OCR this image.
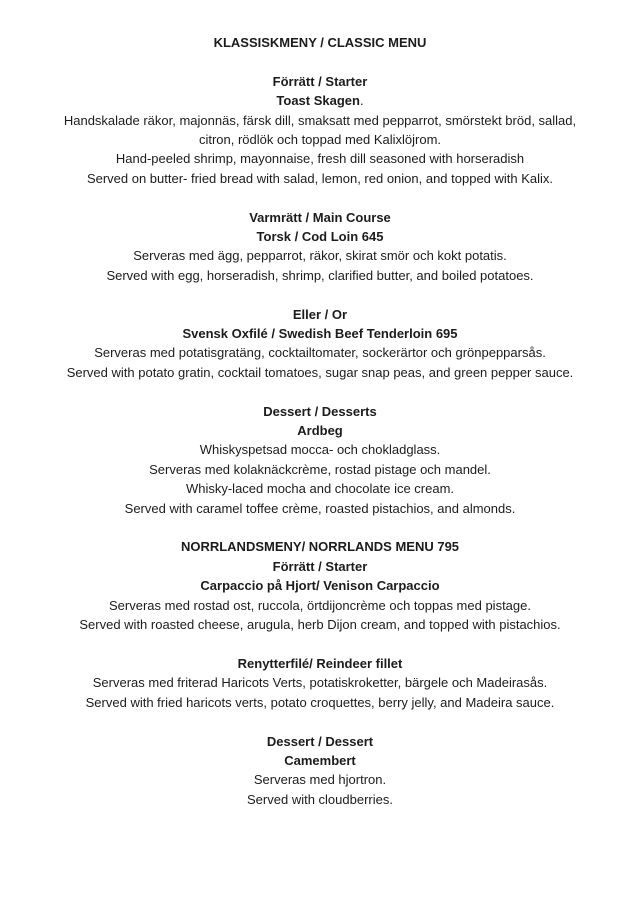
KLASSISKMENY / CLASSIC MENU
Förrätt / Starter
Toast Skagen.
Handskalade räkor, majonnäs, färsk dill, smaksatt med pepparrot, smörstekt bröd, sallad,
citron, rödlök och toppad med Kalixlöjrom.
Hand-peeled shrimp, mayonnaise, fresh dill seasoned with horseradish
Served on butter- fried bread with salad, lemon, red onion, and topped with Kalix.
Varmrätt / Main Course
Torsk / Cod Loin 645
Serveras med ägg, pepparrot, räkor, skirat smör och kokt potatis.
Served with egg, horseradish, shrimp, clarified butter, and boiled potatoes.
Eller / Or
Svensk Oxfilé / Swedish Beef Tenderloin 695
Serveras med potatisgratäng, cocktailtomater, sockerärtor och grönpepparsås.
Served with potato gratin, cocktail tomatoes, sugar snap peas, and green pepper sauce.
Dessert / Desserts
Ardbeg
Whiskyspetsad mocca- och chokladglass.
Serveras med kolaknäckcrème, rostad pistage och mandel.
Whisky-laced mocha and chocolate ice cream.
Served with caramel toffee crème, roasted pistachios, and almonds.
NORRLANDSMENY/ NORRLANDS MENU 795
Förrätt / Starter
Carpaccio på Hjort/ Venison Carpaccio
Serveras med rostad ost, ruccola, örtdijoncrème och toppas med pistage.
Served with roasted cheese, arugula, herb Dijon cream, and topped with pistachios.
Renytterfilé/ Reindeer fillet
Serveras med friterad Haricots Verts, potatiskroketter, bärgele och Madeirasås.
Served with fried haricots verts, potato croquettes, berry jelly, and Madeira sauce.
Dessert / Dessert
Camembert
Serveras med hjortron.
Served with cloudberries.
